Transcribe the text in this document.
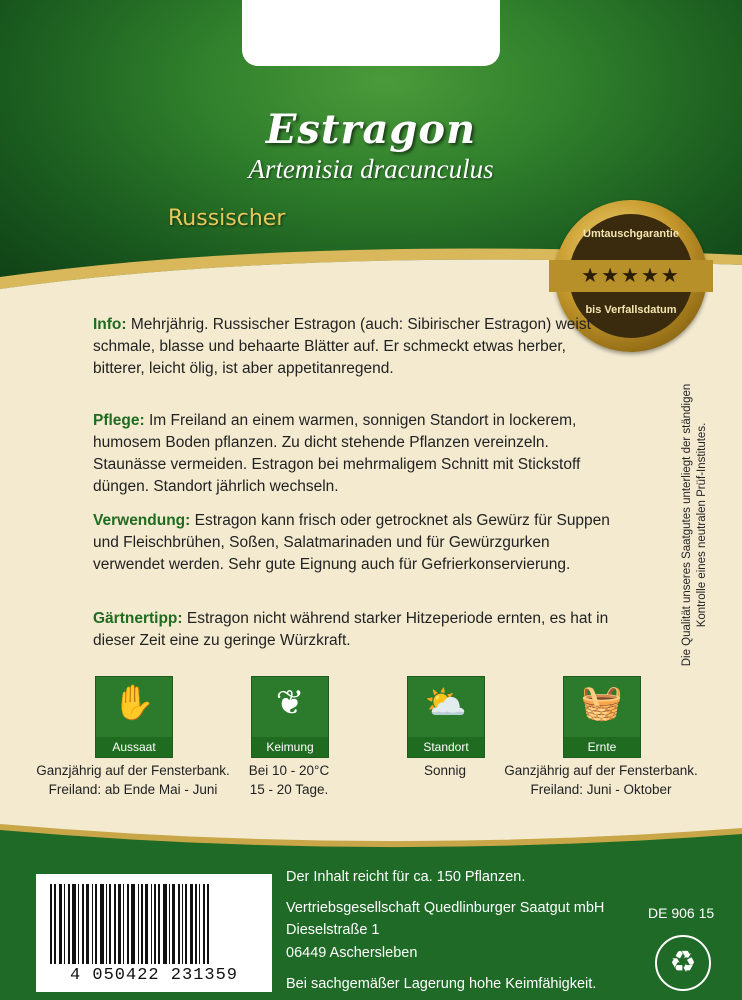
Estragon
Artemisia dracunculus
Russischer
★★★★★
Umtauschgarantie
bis Verfallsdatum
Info: Mehrjährig. Russischer Estragon (auch: Sibirischer Estragon) weist schmale, blasse und behaarte Blätter auf. Er schmeckt etwas herber, bitterer, leicht ölig, ist aber appetitanregend.
Pflege: Im Freiland an einem warmen, sonnigen Standort in lockerem, humosem Boden pflanzen. Zu dicht stehende Pflanzen vereinzeln. Staunässe vermeiden. Estragon bei mehrmaligem Schnitt mit Stickstoff düngen. Standort jährlich wechseln.
Verwendung: Estragon kann frisch oder getrocknet als Gewürz für Suppen und Fleischbrühen, Soßen, Salatmarinaden und für Gewürzgurken verwendet werden. Sehr gute Eignung auch für Gefrierkonservierung.
Gärtnertipp: Estragon nicht während starker Hitzeperiode ernten, es hat in dieser Zeit eine zu geringe Würzkraft.	Die Qualität unseres Saatgutes unterliegt der ständigen Kontrolle eines neutralen Prüf-Institutes.
✋
Aussaat
❦
Keimung
⛅
Standort
🧺
Ernte
Ganzjährig auf der Fensterbank.
Freiland: ab Ende Mai - Juni
Bei 10 - 20°C
15 - 20 Tage.
Sonnig	Ganzjährig auf der Fensterbank.
Freiland: Juni - Oktober
4 050422 231359
Der Inhalt reicht für ca. 150 Pflanzen.
Vertriebsgesellschaft Quedlinburger Saatgut mbH
Dieselstraße 1
06449 Aschersleben
Bei sachgemäßer Lagerung hohe Keimfähigkeit.
DE 906 15
♻
